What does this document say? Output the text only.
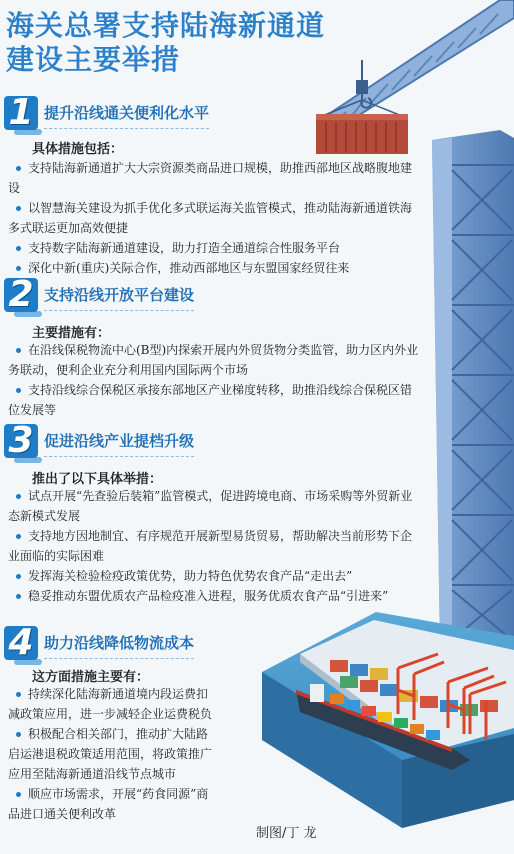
海关总署支持陆海新通道
建设主要举措
1 提升沿线通关便利化水平
具体措施包括：
支持陆海新通道扩大大宗资源类商品进口规模，助推西部地区战略腹地建设
以智慧海关建设为抓手优化多式联运海关监管模式，推动陆海新通道铁海多式联运更加高效便捷
支持数字陆海新通道建设，助力打造全通道综合性服务平台
深化中新(重庆)关际合作，推动西部地区与东盟国家经贸往来
2 支持沿线开放平台建设
主要措施有：
在沿线保税物流中心(B型)内探索开展内外贸货物分类监管，助力区内外业务联动，便利企业充分利用国内国际两个市场
支持沿线综合保税区承接东部地区产业梯度转移，助推沿线综合保税区错位发展等
3 促进沿线产业提档升级
推出了以下具体举措：
试点开展“先查验后装箱”监管模式，促进跨境电商、市场采购等外贸新业态新模式发展
支持地方因地制宜、有序规范开展新型易货贸易，帮助解决当前形势下企业面临的实际困难
发挥海关检验检疫政策优势，助力特色优势农食产品“走出去”
稳妥推动东盟优质农产品检疫准入进程，服务优质农食产品“引进来”
4 助力沿线降低物流成本
这方面措施主要有：
持续深化陆海新通道境内段运费扣减政策应用，进一步减轻企业运费税负
积极配合相关部门，推动扩大陆路启运港退税政策适用范围，将政策推广应用至陆海新通道沿线节点城市
顺应市场需求，开展“药食同源”商品进口通关便利改革
制图/丁 龙
